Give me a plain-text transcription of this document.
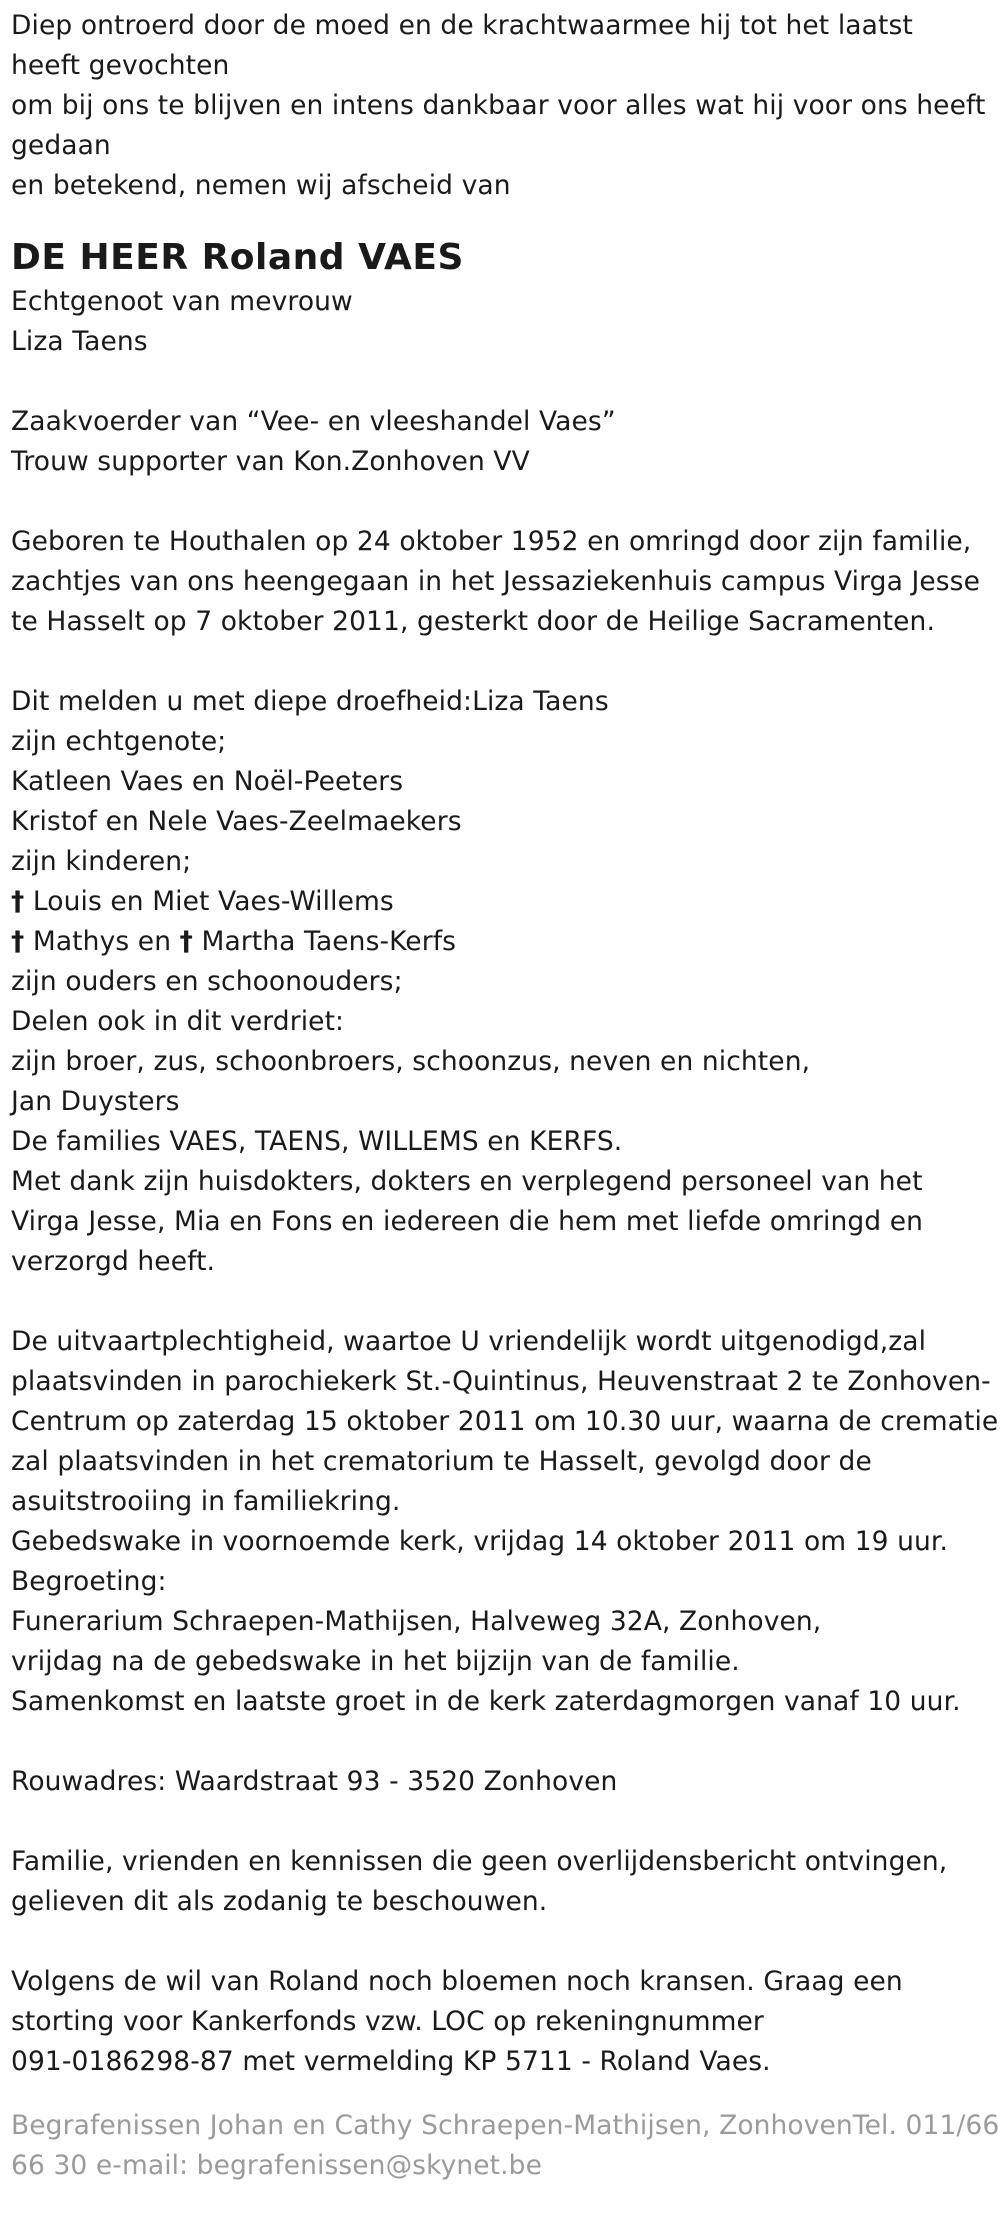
Diep ontroerd door de moed en de krachtwaarmee hij tot het laatst
heeft gevochten
om bij ons te blijven en intens dankbaar voor alles wat hij voor ons heeft
gedaan
en betekend, nemen wij afscheid van
DE HEER Roland VAES
Echtgenoot van mevrouw
Liza Taens
Zaakvoerder van “Vee- en vleeshandel Vaes”
Trouw supporter van Kon.Zonhoven VV
Geboren te Houthalen op 24 oktober 1952 en omringd door zijn familie,
zachtjes van ons heengegaan in het Jessaziekenhuis campus Virga Jesse
te Hasselt op 7 oktober 2011, gesterkt door de Heilige Sacramenten.
Dit melden u met diepe droefheid:Liza Taens
zijn echtgenote;
Katleen Vaes en Noël-Peeters
Kristof en Nele Vaes-Zeelmaekers
zijn kinderen;
† Louis en Miet Vaes-Willems
† Mathys en † Martha Taens-Kerfs
zijn ouders en schoonouders;
Delen ook in dit verdriet:
zijn broer, zus, schoonbroers, schoonzus, neven en nichten,
Jan Duysters
De families VAES, TAENS, WILLEMS en KERFS.
Met dank zijn huisdokters, dokters en verplegend personeel van het
Virga Jesse, Mia en Fons en iedereen die hem met liefde omringd en
verzorgd heeft.
De uitvaartplechtigheid, waartoe U vriendelijk wordt uitgenodigd,zal
plaatsvinden in parochiekerk St.-Quintinus, Heuvenstraat 2 te Zonhoven-
Centrum op zaterdag 15 oktober 2011 om 10.30 uur, waarna de crematie
zal plaatsvinden in het crematorium te Hasselt, gevolgd door de
asuitstrooiing in familiekring.
Gebedswake in voornoemde kerk, vrijdag 14 oktober 2011 om 19 uur.
Begroeting:
Funerarium Schraepen-Mathijsen, Halveweg 32A, Zonhoven,
vrijdag na de gebedswake in het bijzijn van de familie.
Samenkomst en laatste groet in de kerk zaterdagmorgen vanaf 10 uur.
Rouwadres: Waardstraat 93 - 3520 Zonhoven
Familie, vrienden en kennissen die geen overlijdensbericht ontvingen,
gelieven dit als zodanig te beschouwen.
Volgens de wil van Roland noch bloemen noch kransen. Graag een
storting voor Kankerfonds vzw. LOC op rekeningnummer
091-0186298-87 met vermelding KP 5711 - Roland Vaes.
Begrafenissen Johan en Cathy Schraepen-Mathijsen, ZonhovenTel. 011/66
66 30 e-mail: begrafenissen@skynet.be
